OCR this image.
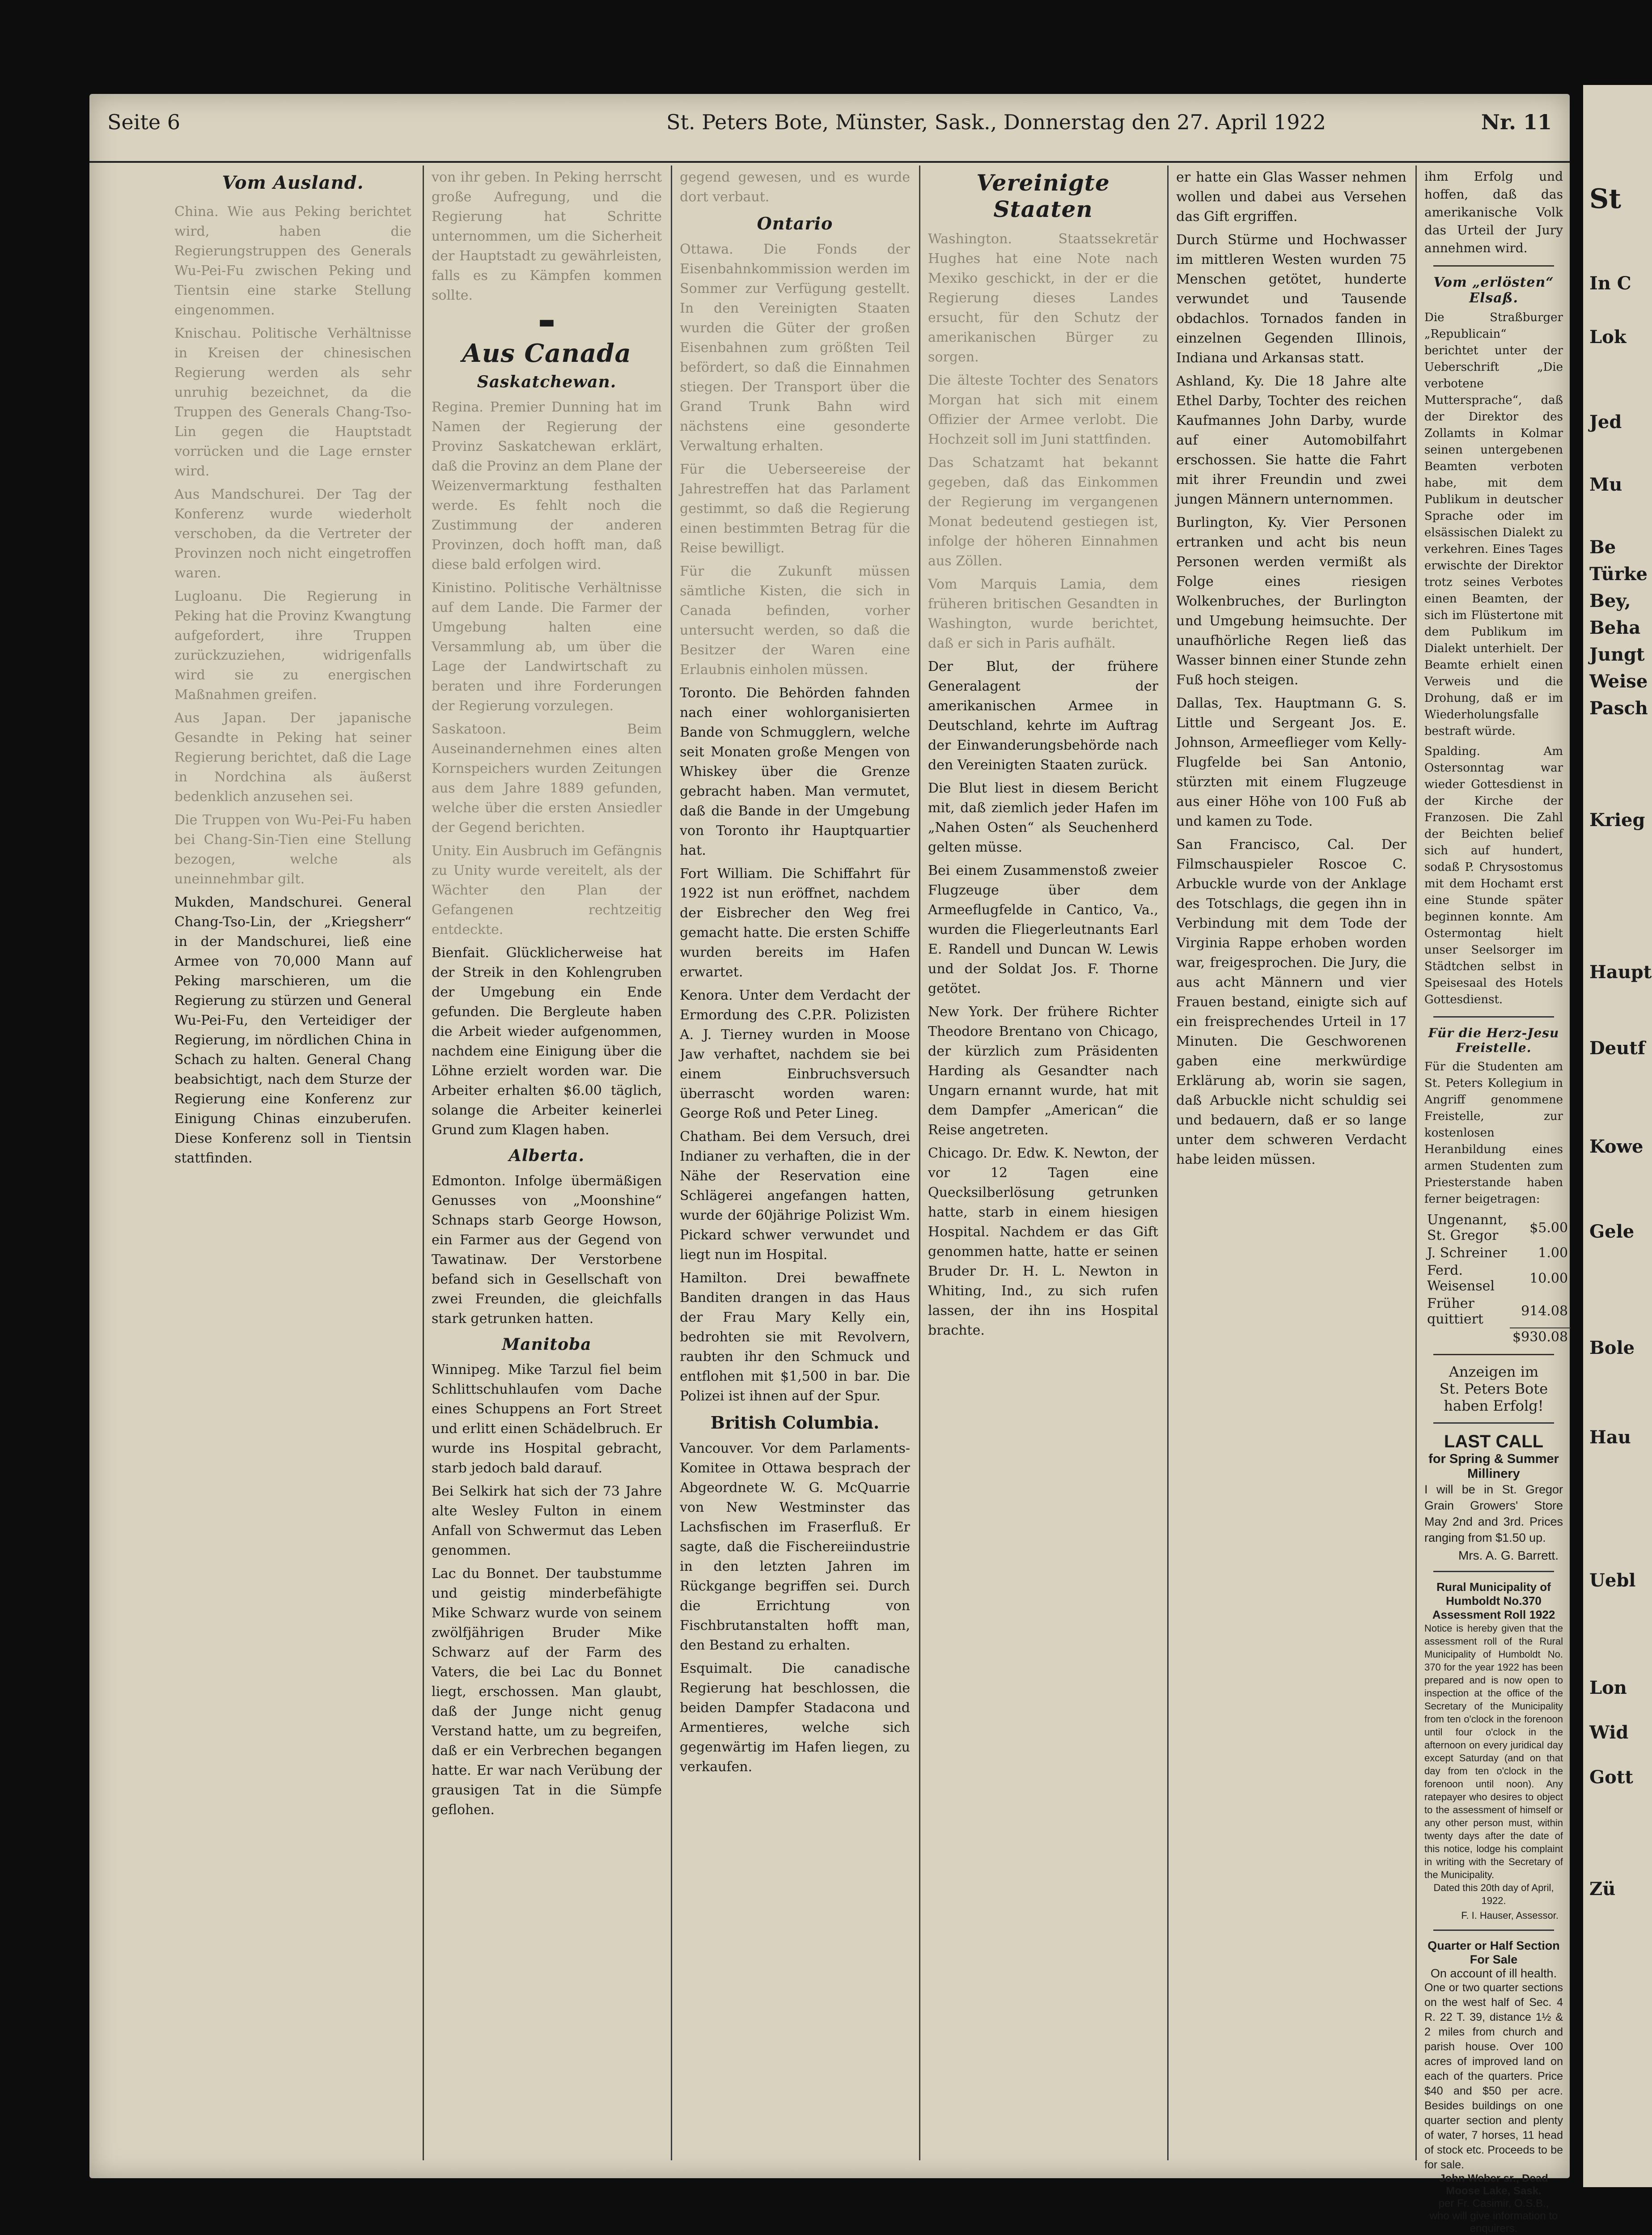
Seite 6	St. Peters Bote, Münster, Sask., Donnerstag den 27. April 1922	Nr. 11
Vom Ausland.

China. Wie aus Peking berichtet wird, haben die Regierungstruppen des Generals Wu-Pei-Fu zwischen Peking und Tientsin eine starke Stellung eingenommen.

Knischau. Politische Verhältnisse in Kreisen der chinesischen Regierung werden als sehr unruhig bezeichnet, da die Truppen des Generals Chang-Tso-Lin gegen die Hauptstadt vorrücken und die Lage ernster wird.

Aus Mandschurei. Der Tag der Konferenz wurde wiederholt verschoben, da die Vertreter der Provinzen noch nicht eingetroffen waren.

Lugloanu. Die Regierung in Peking hat die Provinz Kwangtung aufgefordert, ihre Truppen zurückzuziehen, widrigenfalls wird sie zu energischen Maßnahmen greifen.

Aus Japan. Der japanische Gesandte in Peking hat seiner Regierung berichtet, daß die Lage in Nordchina als äußerst bedenklich anzusehen sei.

Die Truppen von Wu-Pei-Fu haben bei Chang-Sin-Tien eine Stellung bezogen, welche als uneinnehmbar gilt.

Mukden, Mandschurei. General Chang-Tso-Lin, der „Kriegsherr“ in der Mandschurei, ließ eine Armee von 70,000 Mann auf Peking marschieren, um die Regierung zu stürzen und General Wu-Pei-Fu, den Verteidiger der Regierung, im nördlichen China in Schach zu halten. General Chang beabsichtigt, nach dem Sturze der Regierung eine Konferenz zur Einigung Chinas einzuberufen. Diese Konferenz soll in Tientsin stattfinden.

von ihr geben. In Peking herrscht große Aufregung, und die Regierung hat Schritte unternommen, um die Sicherheit der Hauptstadt zu gewährleisten, falls es zu Kämpfen kommen sollte.

▬
Aus Canada
Saskatchewan.

Regina. Premier Dunning hat im Namen der Regierung der Provinz Saskatchewan erklärt, daß die Provinz an dem Plane der Weizenvermarktung festhalten werde. Es fehlt noch die Zustimmung der anderen Provinzen, doch hofft man, daß diese bald erfolgen wird.

Kinistino. Politische Verhältnisse auf dem Lande. Die Farmer der Umgebung halten eine Versammlung ab, um über die Lage der Landwirtschaft zu beraten und ihre Forderungen der Regierung vorzulegen.

Saskatoon. Beim Auseinandernehmen eines alten Kornspeichers wurden Zeitungen aus dem Jahre 1889 gefunden, welche über die ersten Ansiedler der Gegend berichten.

Unity. Ein Ausbruch im Gefängnis zu Unity wurde vereitelt, als der Wächter den Plan der Gefangenen rechtzeitig entdeckte.

Bienfait. Glücklicherweise hat der Streik in den Kohlengruben der Umgebung ein Ende gefunden. Die Bergleute haben die Arbeit wieder aufgenommen, nachdem eine Einigung über die Löhne erzielt worden war. Die Arbeiter erhalten $6.00 täglich, solange die Arbeiter keinerlei Grund zum Klagen haben.

Alberta.

Edmonton. Infolge übermäßigen Genusses von „Moonshine“ Schnaps starb George Howson, ein Farmer aus der Gegend von Tawatinaw. Der Verstorbene befand sich in Gesellschaft von zwei Freunden, die gleichfalls stark getrunken hatten.

Manitoba

Winnipeg. Mike Tarzul fiel beim Schlittschuhlaufen vom Dache eines Schuppens an Fort Street und erlitt einen Schädelbruch. Er wurde ins Hospital gebracht, starb jedoch bald darauf.

Bei Selkirk hat sich der 73 Jahre alte Wesley Fulton in einem Anfall von Schwermut das Leben genommen.

Lac du Bonnet. Der taubstumme und geistig minderbefähigte Mike Schwarz wurde von seinem zwölfjährigen Bruder Mike Schwarz auf der Farm des Vaters, die bei Lac du Bonnet liegt, erschossen. Man glaubt, daß der Junge nicht genug Verstand hatte, um zu begreifen, daß er ein Verbrechen begangen hatte. Er war nach Verübung der grausigen Tat in die Sümpfe geflohen.

gegend gewesen, und es wurde dort verbaut.

Ontario

Ottawa. Die Fonds der Eisenbahnkommission werden im Sommer zur Verfügung gestellt. In den Vereinigten Staaten wurden die Güter der großen Eisenbahnen zum größten Teil befördert, so daß die Einnahmen stiegen. Der Transport über die Grand Trunk Bahn wird nächstens eine gesonderte Verwaltung erhalten.

Für die Ueberseereise der Jahrestreffen hat das Parlament gestimmt, so daß die Regierung einen bestimmten Betrag für die Reise bewilligt.

Für die Zukunft müssen sämtliche Kisten, die sich in Canada befinden, vorher untersucht werden, so daß die Besitzer der Waren eine Erlaubnis einholen müssen.

Toronto. Die Behörden fahnden nach einer wohlorganisierten Bande von Schmugglern, welche seit Monaten große Mengen von Whiskey über die Grenze gebracht haben. Man vermutet, daß die Bande in der Umgebung von Toronto ihr Hauptquartier hat.

Fort William. Die Schiffahrt für 1922 ist nun eröffnet, nachdem der Eisbrecher den Weg frei gemacht hatte. Die ersten Schiffe wurden bereits im Hafen erwartet.

Kenora. Unter dem Verdacht der Ermordung des C.P.R. Polizisten A. J. Tierney wurden in Moose Jaw verhaftet, nachdem sie bei einem Einbruchsversuch überrascht worden waren: George Roß und Peter Lineg.

Chatham. Bei dem Versuch, drei Indianer zu verhaften, die in der Nähe der Reservation eine Schlägerei angefangen hatten, wurde der 60jährige Polizist Wm. Pickard schwer verwundet und liegt nun im Hospital.

Hamilton. Drei bewaffnete Banditen drangen in das Haus der Frau Mary Kelly ein, bedrohten sie mit Revolvern, raubten ihr den Schmuck und entflohen mit $1,500 in bar. Die Polizei ist ihnen auf der Spur.

British Columbia.

Vancouver. Vor dem Parlaments-Komitee in Ottawa besprach der Abgeordnete W. G. McQuarrie von New Westminster das Lachsfischen im Fraserfluß. Er sagte, daß die Fischereiindustrie in den letzten Jahren im Rückgange begriffen sei. Durch die Errichtung von Fischbrutanstalten hofft man, den Bestand zu erhalten.

Esquimalt. Die canadische Regierung hat beschlossen, die beiden Dampfer Stadacona und Armentieres, welche sich gegenwärtig im Hafen liegen, zu verkaufen.

Vereinigte Staaten

Washington. Staatssekretär Hughes hat eine Note nach Mexiko geschickt, in der er die Regierung dieses Landes ersucht, für den Schutz der amerikanischen Bürger zu sorgen.

Die älteste Tochter des Senators Morgan hat sich mit einem Offizier der Armee verlobt. Die Hochzeit soll im Juni stattfinden.

Das Schatzamt hat bekannt gegeben, daß das Einkommen der Regierung im vergangenen Monat bedeutend gestiegen ist, infolge der höheren Einnahmen aus Zöllen.

Vom Marquis Lamia, dem früheren britischen Gesandten in Washington, wurde berichtet, daß er sich in Paris aufhält.

Der Blut, der frühere Generalagent der amerikanischen Armee in Deutschland, kehrte im Auftrag der Einwanderungsbehörde nach den Vereinigten Staaten zurück.

Die Blut liest in diesem Bericht mit, daß ziemlich jeder Hafen im „Nahen Osten“ als Seuchenherd gelten müsse.

Bei einem Zusammenstoß zweier Flugzeuge über dem Armeeflugfelde in Cantico, Va., wurden die Fliegerleutnants Earl E. Randell und Duncan W. Lewis und der Soldat Jos. F. Thorne getötet.

New York. Der frühere Richter Theodore Brentano von Chicago, der kürzlich zum Präsidenten Harding als Gesandter nach Ungarn ernannt wurde, hat mit dem Dampfer „American“ die Reise angetreten.

Chicago. Dr. Edw. K. Newton, der vor 12 Tagen eine Quecksilberlösung getrunken hatte, starb in einem hiesigen Hospital. Nachdem er das Gift genommen hatte, hatte er seinen Bruder Dr. H. L. Newton in Whiting, Ind., zu sich rufen lassen, der ihn ins Hospital brachte.

er hatte ein Glas Wasser nehmen wollen und dabei aus Versehen das Gift ergriffen.

Durch Stürme und Hochwasser im mittleren Westen wurden 75 Menschen getötet, hunderte verwundet und Tausende obdachlos. Tornados fanden in einzelnen Gegenden Illinois, Indiana und Arkansas statt.

Ashland, Ky. Die 18 Jahre alte Ethel Darby, Tochter des reichen Kaufmannes John Darby, wurde auf einer Automobilfahrt erschossen. Sie hatte die Fahrt mit ihrer Freundin und zwei jungen Männern unternommen.

Burlington, Ky. Vier Personen ertranken und acht bis neun Personen werden vermißt als Folge eines riesigen Wolkenbruches, der Burlington und Umgebung heimsuchte. Der unaufhörliche Regen ließ das Wasser binnen einer Stunde zehn Fuß hoch steigen.

Dallas, Tex. Hauptmann G. S. Little und Sergeant Jos. E. Johnson, Armeeflieger vom Kelly-Flugfelde bei San Antonio, stürzten mit einem Flugzeuge aus einer Höhe von 100 Fuß ab und kamen zu Tode.

San Francisco, Cal. Der Filmschauspieler Roscoe C. Arbuckle wurde von der Anklage des Totschlags, die gegen ihn in Verbindung mit dem Tode der Virginia Rappe erhoben worden war, freigesprochen. Die Jury, die aus acht Männern und vier Frauen bestand, einigte sich auf ein freisprechendes Urteil in 17 Minuten. Die Geschworenen gaben eine merkwürdige Erklärung ab, worin sie sagen, daß Arbuckle nicht schuldig sei und bedauern, daß er so lange unter dem schweren Verdacht habe leiden müssen.

ihm Erfolg und hoffen, daß das amerikanische Volk das Urteil der Jury annehmen wird.

Vom „erlösten“ Elsaß.

Die Straßburger „Republicain“ berichtet unter der Ueberschrift „Die verbotene Muttersprache“, daß der Direktor des Zollamts in Kolmar seinen untergebenen Beamten verboten habe, mit dem Publikum in deutscher Sprache oder im elsässischen Dialekt zu verkehren. Eines Tages erwischte der Direktor trotz seines Verbotes einen Beamten, der sich im Flüstertone mit dem Publikum im Dialekt unterhielt. Der Beamte erhielt einen Verweis und die Drohung, daß er im Wiederholungsfalle bestraft würde.

Spalding. Am Ostersonntag war wieder Gottesdienst in der Kirche der Franzosen. Die Zahl der Beichten belief sich auf hundert, sodaß P. Chrysostomus mit dem Hochamt erst eine Stunde später beginnen konnte. Am Ostermontag hielt unser Seelsorger im Städtchen selbst in Speisesaal des Hotels Gottesdienst.

Für die Herz-Jesu Freistelle.

Für die Studenten am St. Peters Kollegium in Angriff genommene Freistelle, zur kostenlosen Heranbildung eines armen Studenten zum Priesterstande haben ferner beigetragen:

Ungenannt, St. Gregor	$5.00
J. Schreiner	1.00
Ferd. Weisensel	10.00
Früher quittiert	914.08
	$930.08
Anzeigen im
St. Peters Bote
haben Erfolg!
LAST CALL
for Spring & Summer Millinery

I will be in St. Gregor Grain Growers' Store May 2nd and 3rd. Prices ranging from $1.50 up.

Mrs. A. G. Barrett.
Rural Municipality of Humboldt No.370
Assessment Roll 1922

Notice is hereby given that the assessment roll of the Rural Municipality of Humboldt No. 370 for the year 1922 has been prepared and is now open to inspection at the office of the Secretary of the Municipality from ten o'clock in the forenoon until four o'clock in the afternoon on every juridical day except Saturday (and on that day from ten o'clock in the forenoon until noon). Any ratepayer who desires to object to the assessment of himself or any other person must, within twenty days after the date of this notice, lodge his complaint in writing with the Secretary of the Municipality.

Dated this 20th day of April, 1922.

F. I. Hauser, Assessor.
Quarter or Half Section For Sale
On account of ill health.

One or two quarter sections on the west half of Sec. 4 R. 22 T. 39, distance 1½ & 2 miles from church and parish house. Over 100 acres of improved land on each of the quarters. Price $40 and $50 per acre. Besides buildings on one quarter section and plenty of water, 7 horses, 11 head of stock etc. Proceeds to be for sale.

John Weber sr., Dead Moose Lake, Sask.
per Fr. Casimir, O.S.B.,
who will give information to enquirers.
St
In C
Lok
Jed
Mu
Be
Türke
Bey,
Beha
Jungt
Weise
Pasch
Krieg
Haupt
Deutf
Kowe
Gele
Bole
Hau
Uebl
Lon
Wid
Gott
Zü
